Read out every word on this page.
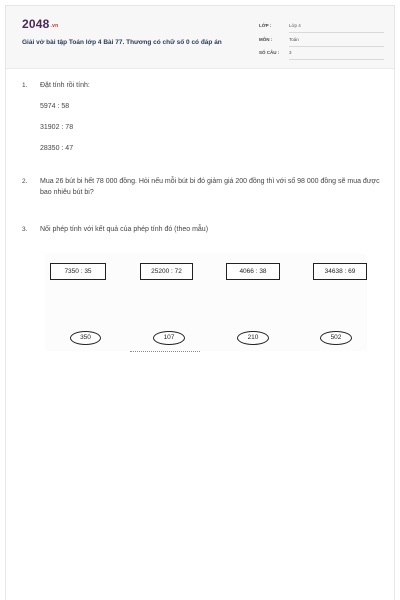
2048.vn
Giải vở bài tập Toán lớp 4 Bài 77. Thương có chữ số 0 có đáp án
LỚP :	Lớp 4
MÔN :	Toán
SỐ CÂU : 3
1. Đặt tính rồi tính:
5974 : 58
31902 : 78
28350 : 47
2. Mua 26 bút bi hết 78 000 đồng. Hỏi nếu mỗi bút bi đó giảm giá 200 đồng thì với số 98 000 đồng sẽ mua được bao nhiêu bút bi?
3. Nối phép tính với kết quả của phép tính đó (theo mẫu)
7350 : 35	25200 : 72	4066 : 38	34638 : 69
350	107	210	502
